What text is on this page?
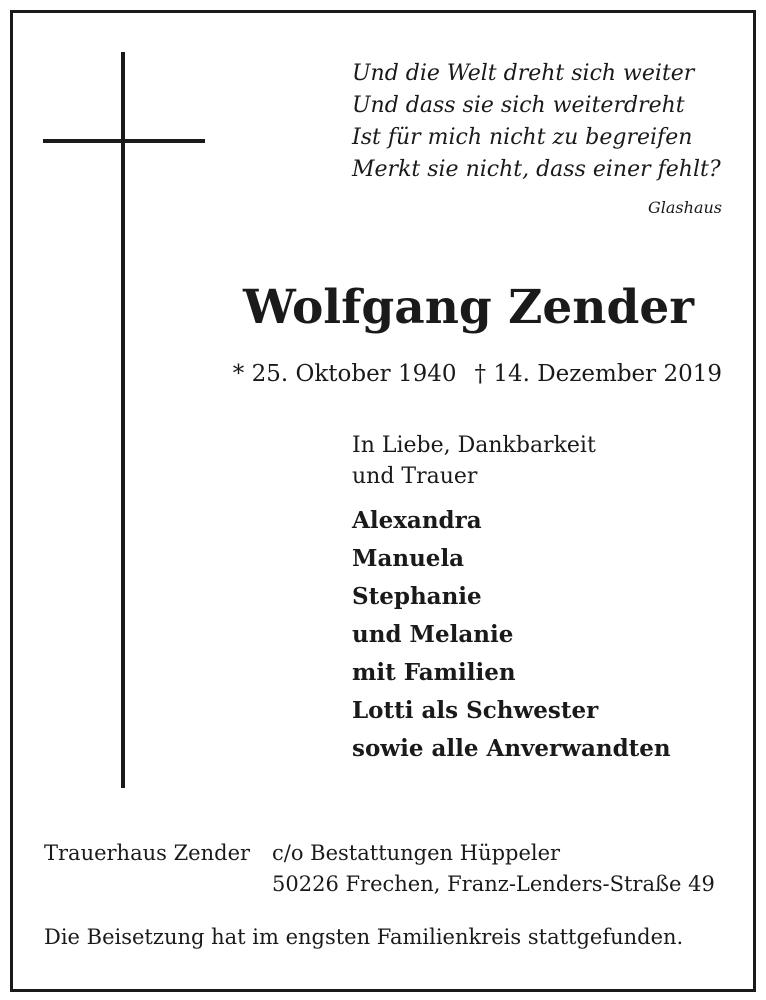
Und die Welt dreht sich weiter
Und dass sie sich weiterdreht
Ist für mich nicht zu begreifen
Merkt sie nicht, dass einer fehlt?
Glashaus
Wolfgang Zender
* 25. Oktober 1940 † 14. Dezember 2019
In Liebe, Dankbarkeit
und Trauer
Alexandra
Manuela
Stephanie
und Melanie
mit Familien
Lotti als Schwester
sowie alle Anverwandten
Trauerhaus Zender c/o Bestattungen Hüppeler
50226 Frechen, Franz-Lenders-Straße 49
Die Beisetzung hat im engsten Familienkreis stattgefunden.
